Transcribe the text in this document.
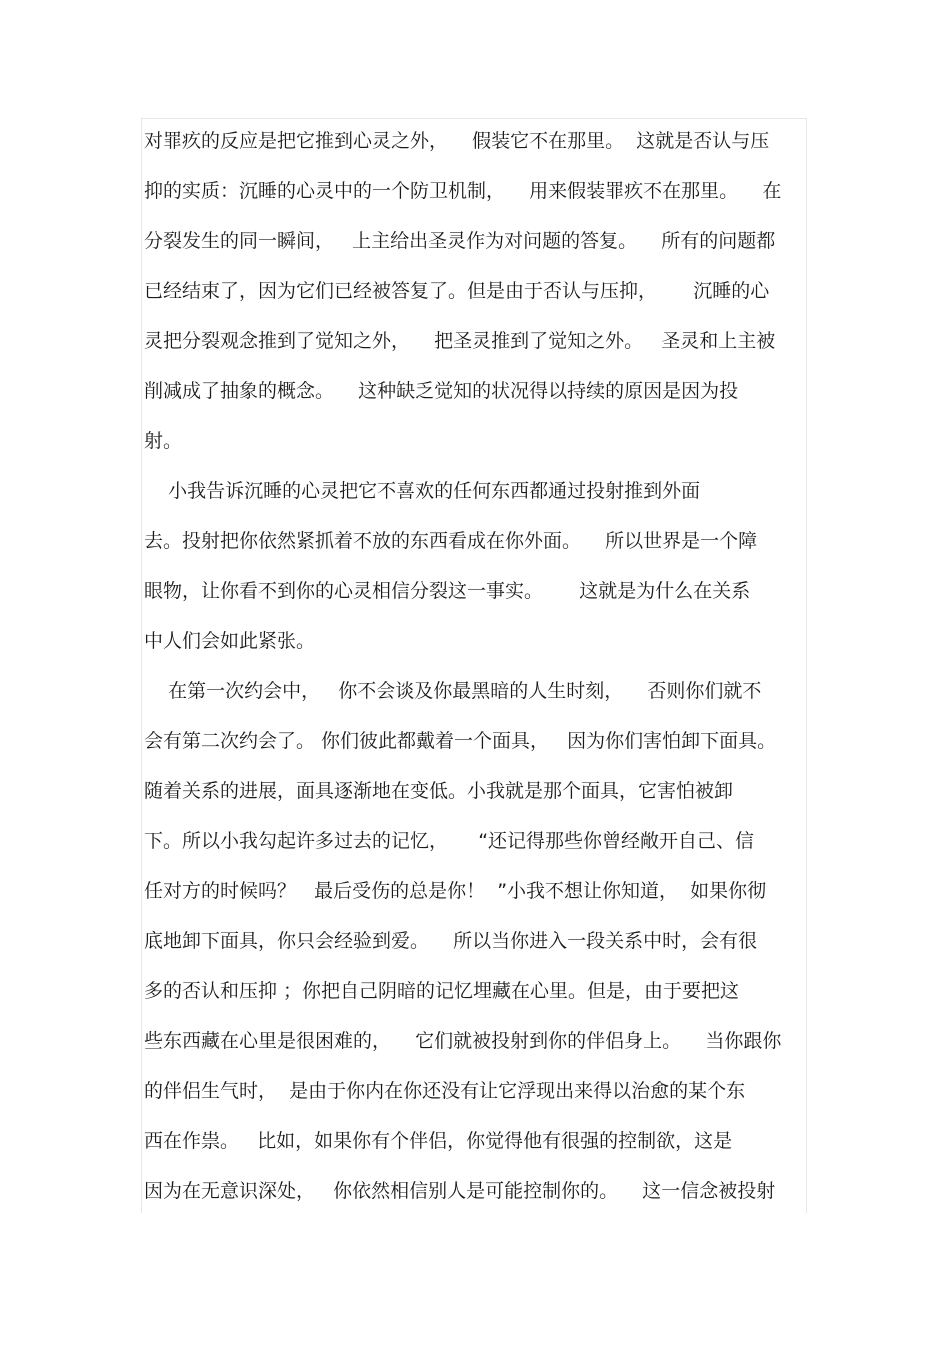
对罪疚的反应是把它推到心灵之外，    假装它不在那里。  这就是否认与压
抑的实质：沉睡的心灵中的一个防卫机制，    用来假装罪疚不在那里。    在
分裂发生的同一瞬间，   上主给出圣灵作为对问题的答复。    所有的问题都
已经结束了，因为它们已经被答复了。但是由于否认与压抑，      沉睡的心
灵把分裂观念推到了觉知之外，    把圣灵推到了觉知之外。   圣灵和上主被
削减成了抽象的概念。    这种缺乏觉知的状况得以持续的原因是因为投
射。
小我告诉沉睡的心灵把它不喜欢的任何东西都通过投射推到外面
去。投射把你依然紧抓着不放的东西看成在你外面。    所以世界是一个障
眼物，让你看不到你的心灵相信分裂这一事实。      这就是为什么在关系
中人们会如此紧张。
在第一次约会中，   你不会谈及你最黑暗的人生时刻，    否则你们就不
会有第二次约会了。 你们彼此都戴着一个面具，   因为你们害怕卸下面具。
随着关系的进展，面具逐渐地在变低。小我就是那个面具，它害怕被卸
下。所以小我勾起许多过去的记忆，     “还记得那些你曾经敞开自己、信
任对方的时候吗？   最后受伤的总是你！  ”小我不想让你知道，  如果你彻
底地卸下面具，你只会经验到爱。    所以当你进入一段关系中时，会有很
多的否认和压抑 ；你把自己阴暗的记忆埋藏在心里。但是，由于要把这
些东西藏在心里是很困难的，    它们就被投射到你的伴侣身上。    当你跟你
的伴侣生气时，  是由于你内在你还没有让它浮现出来得以治愈的某个东
西在作祟。   比如，如果你有个伴侣，你觉得他有很强的控制欲，这是
因为在无意识深处，   你依然相信别人是可能控制你的。    这一信念被投射
